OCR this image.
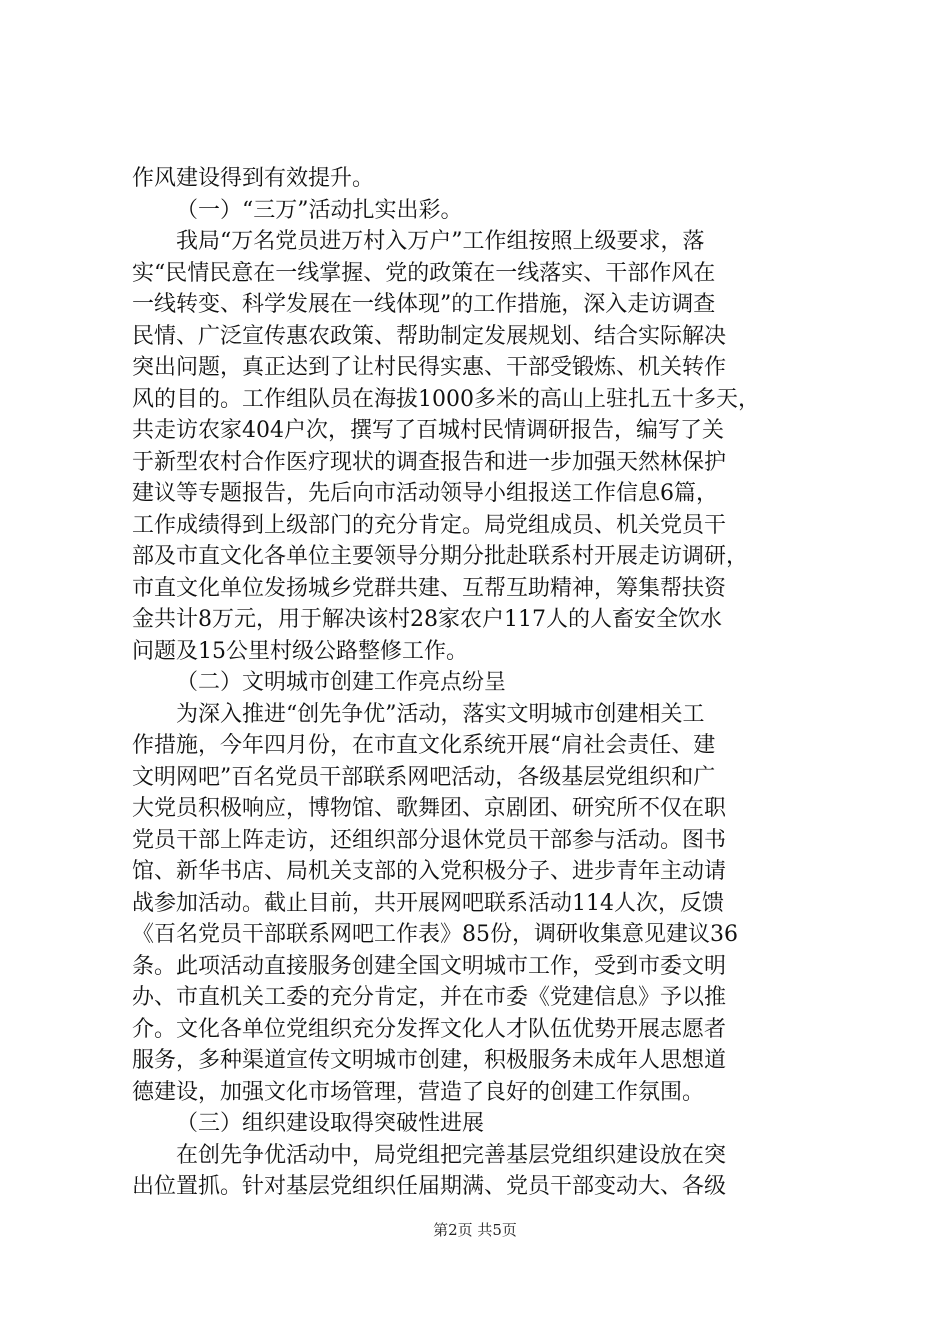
作风建设得到有效提升。
（一）“三万”活动扎实出彩。
我局“万名党员进万村入万户”工作组按照上级要求，落
实“民情民意在一线掌握、党的政策在一线落实、干部作风在
一线转变、科学发展在一线体现”的工作措施，深入走访调查
民情、广泛宣传惠农政策、帮助制定发展规划、结合实际解决
突出问题，真正达到了让村民得实惠、干部受锻炼、机关转作
风的目的。工作组队员在海拔1000多米的高山上驻扎五十多天，
共走访农家404户次，撰写了百城村民情调研报告，编写了关
于新型农村合作医疗现状的调查报告和进一步加强天然林保护
建议等专题报告，先后向市活动领导小组报送工作信息6篇，
工作成绩得到上级部门的充分肯定。局党组成员、机关党员干
部及市直文化各单位主要领导分期分批赴联系村开展走访调研，
市直文化单位发扬城乡党群共建、互帮互助精神，筹集帮扶资
金共计8万元，用于解决该村28家农户117人的人畜安全饮水
问题及15公里村级公路整修工作。
（二）文明城市创建工作亮点纷呈
为深入推进“创先争优”活动，落实文明城市创建相关工
作措施，今年四月份，在市直文化系统开展“肩社会责任、建
文明网吧”百名党员干部联系网吧活动，各级基层党组织和广
大党员积极响应，博物馆、歌舞团、京剧团、研究所不仅在职
党员干部上阵走访，还组织部分退休党员干部参与活动。图书
馆、新华书店、局机关支部的入党积极分子、进步青年主动请
战参加活动。截止目前，共开展网吧联系活动114人次，反馈
《百名党员干部联系网吧工作表》85份，调研收集意见建议36
条。此项活动直接服务创建全国文明城市工作，受到市委文明
办、市直机关工委的充分肯定，并在市委《党建信息》予以推
介。文化各单位党组织充分发挥文化人才队伍优势开展志愿者
服务，多种渠道宣传文明城市创建，积极服务未成年人思想道
德建设，加强文化市场管理，营造了良好的创建工作氛围。
（三）组织建设取得突破性进展
在创先争优活动中，局党组把完善基层党组织建设放在突
出位置抓。针对基层党组织任届期满、党员干部变动大、各级
第2页 共5页
